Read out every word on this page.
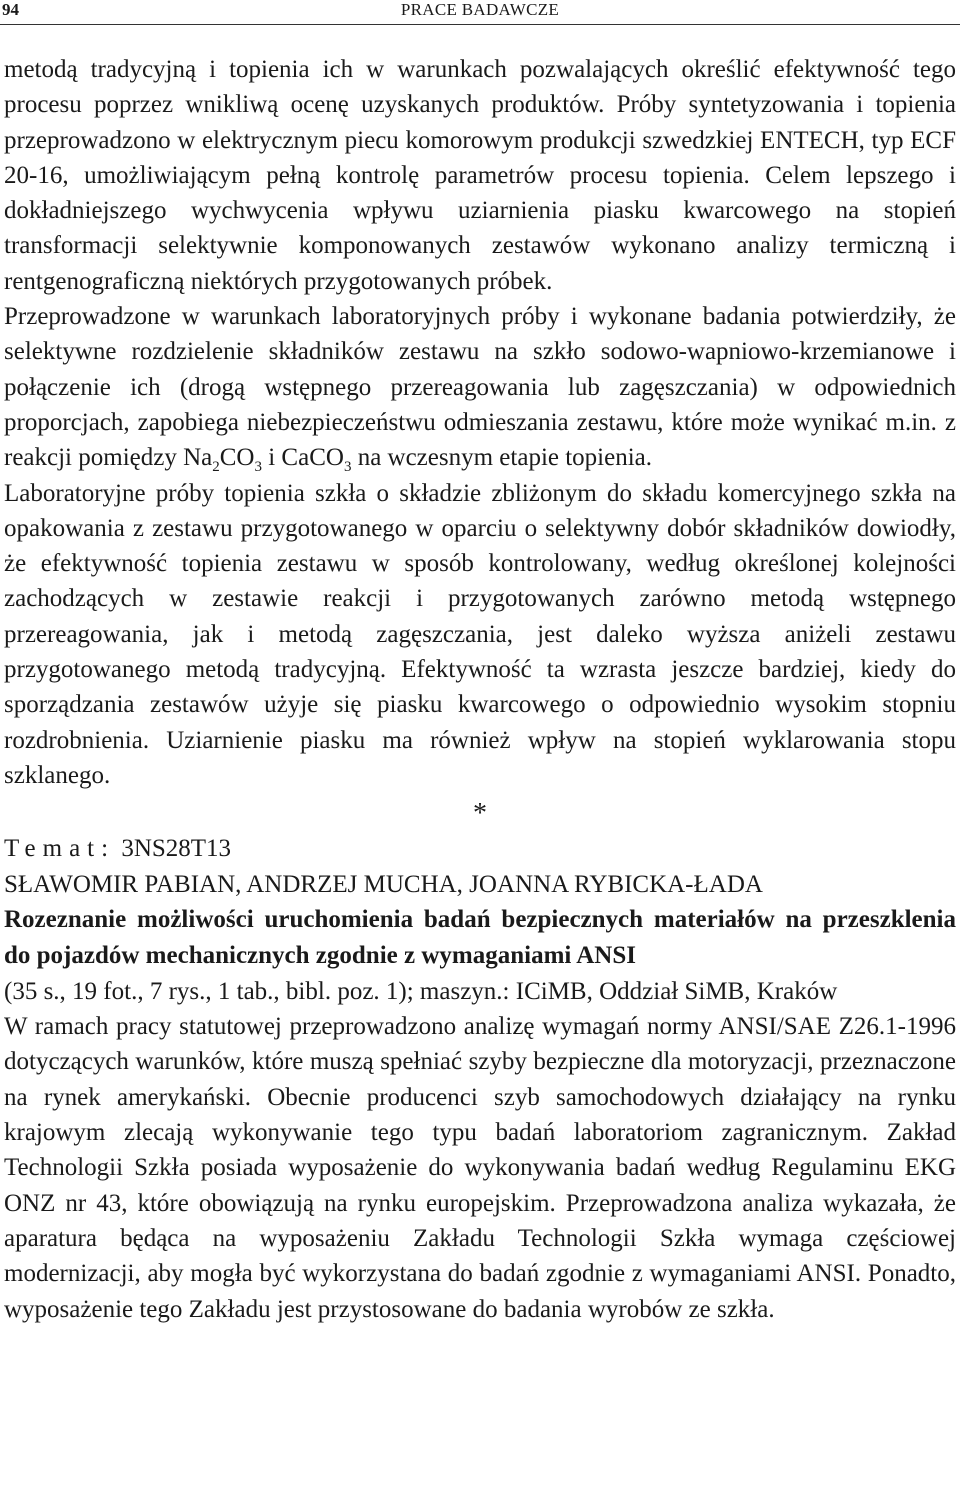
94	PRACE BADAWCZE

metodą tradycyjną i topienia ich w warunkach pozwalających określić efektywność tego procesu poprzez wnikliwą ocenę uzyskanych produktów. Próby syntetyzowania i topienia przeprowadzono w elektrycznym piecu komorowym produkcji szwedzkiej ENTECH, typ ECF 20-16, umożliwiającym pełną kontrolę parametrów procesu topienia. Celem lepszego i dokładniejszego wychwycenia wpływu uziarnienia piasku kwarcowego na stopień transformacji selektywnie komponowanych zestawów wykonano analizy termiczną i rentgenograficzną niektórych przygotowanych próbek.

Przeprowadzone w warunkach laboratoryjnych próby i wykonane badania potwierdziły, że selektywne rozdzielenie składników zestawu na szkło sodowo-wapniowo-krzemianowe i połączenie ich (drogą wstępnego przereagowania lub zagęszczania) w odpowiednich proporcjach, zapobiega niebezpieczeństwu odmieszania zestawu, które może wynikać m.in. z reakcji pomiędzy $Na_2CO_3$ i CaCO$_3$ na wczesnym etapie topienia.

Laboratoryjne próby topienia szkła o składzie zbliżonym do składu komercyjnego szkła na opakowania z zestawu przygotowanego w oparciu o selektywny dobór składników dowiodły, że efektywność topienia zestawu w sposób kontrolowany, według określonej kolejności zachodzących w zestawie reakcji i przygotowanych zarówno metodą wstępnego przereagowania, jak i metodą zagęszczania, jest daleko wyższa aniżeli zestawu przygotowanego metodą tradycyjną. Efektywność ta wzrasta jeszcze bardziej, kiedy do sporządzania zestawów użyje się piasku kwarcowego o odpowiednio wysokim stopniu rozdrobnienia. Uziarnienie piasku ma również wpływ na stopień wyklarowania stopu szklanego.

*

Temat: 3NS28T13

SŁAWOMIR PABIAN, ANDRZEJ MUCHA, JOANNA RYBICKA-ŁADA

Rozeznanie możliwości uruchomienia badań bezpiecznych materiałów na przeszklenia do pojazdów mechanicznych zgodnie z wymaganiami ANSI

(35 s., 19 fot., 7 rys., 1 tab., bibl. poz. 1); maszyn.: ICiMB, Oddział SiMB, Kraków

W ramach pracy statutowej przeprowadzono analizę wymagań normy ANSI/SAE Z26.1-1996 dotyczących warunków, które muszą spełniać szyby bezpieczne dla motoryzacji, przeznaczone na rynek amerykański. Obecnie producenci szyb samochodowych działający na rynku krajowym zlecają wykonywanie tego typu badań laboratoriom zagranicznym. Zakład Technologii Szkła posiada wyposażenie do wykonywania badań według Regulaminu EKG ONZ nr 43, które obowiązują na rynku europejskim. Przeprowadzona analiza wykazała, że aparatura będąca na wyposażeniu Zakładu Technologii Szkła wymaga częściowej modernizacji, aby mogła być wykorzystana do badań zgodnie z wymaganiami ANSI. Ponadto, wyposażenie tego Zakładu jest przystosowane do badania wyrobów ze szkła.
